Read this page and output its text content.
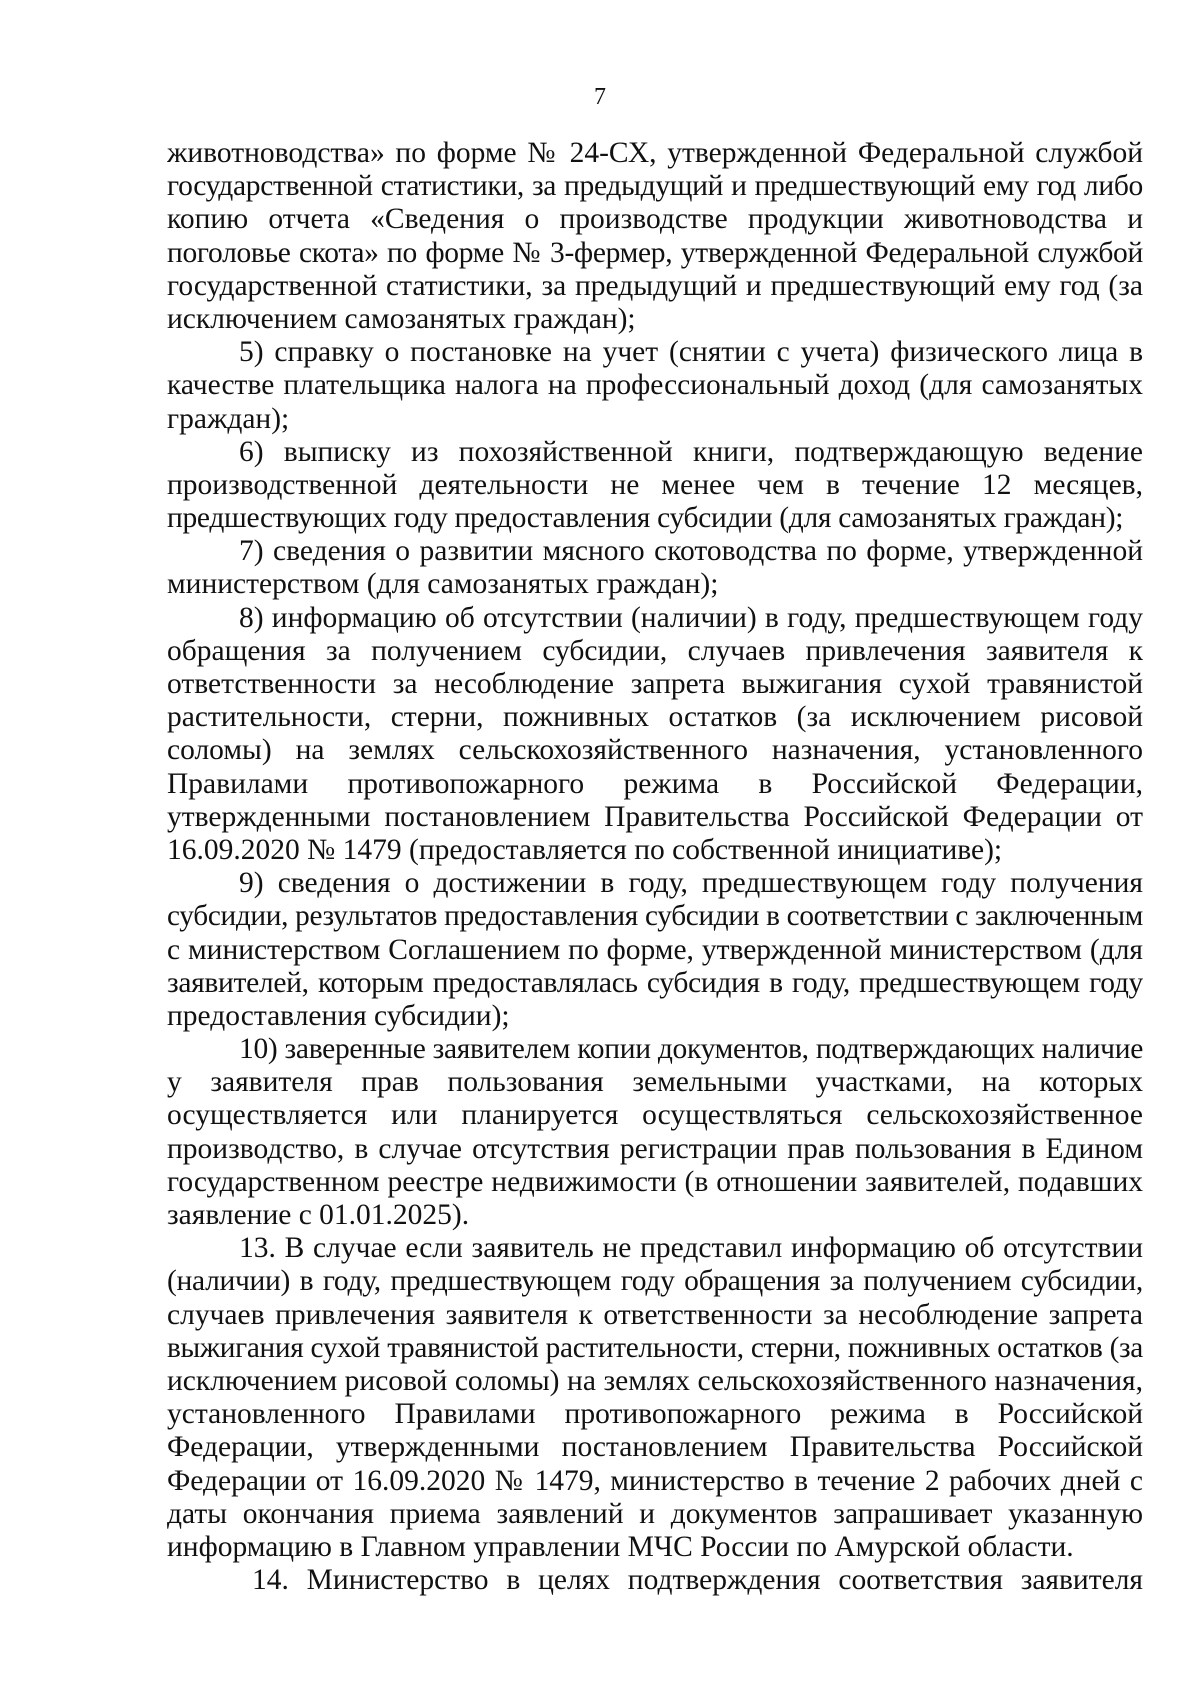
7
животноводства» по форме № 24-СХ, утвержденной Федеральной службой
государственной статистики, за предыдущий и предшествующий ему год либо
копию отчета «Сведения о производстве продукции животноводства и
поголовье скота» по форме № 3-фермер, утвержденной Федеральной службой
государственной статистики, за предыдущий и предшествующий ему год (за
исключением самозанятых граждан);
5) справку о постановке на учет (снятии с учета) физического лица в
качестве плательщика налога на профессиональный доход (для самозанятых
граждан);
6) выписку из похозяйственной книги, подтверждающую ведение
производственной деятельности не менее чем в течение 12 месяцев,
предшествующих году предоставления субсидии (для самозанятых граждан);
7) сведения о развитии мясного скотоводства по форме, утвержденной
министерством (для самозанятых граждан);
8) информацию об отсутствии (наличии) в году, предшествующем году
обращения за получением субсидии, случаев привлечения заявителя к
ответственности за несоблюдение запрета выжигания сухой травянистой
растительности, стерни, пожнивных остатков (за исключением рисовой
соломы) на землях сельскохозяйственного назначения, установленного
Правилами противопожарного режима в Российской Федерации,
утвержденными постановлением Правительства Российской Федерации от
16.09.2020 № 1479 (предоставляется по собственной инициативе);
9) сведения о достижении в году, предшествующем году получения
субсидии, результатов предоставления субсидии в соответствии с заключенным
с министерством Соглашением по форме, утвержденной министерством (для
заявителей, которым предоставлялась субсидия в году, предшествующем году
предоставления субсидии);
10) заверенные заявителем копии документов, подтверждающих наличие
у заявителя прав пользования земельными участками, на которых
осуществляется или планируется осуществляться сельскохозяйственное
производство, в случае отсутствия регистрации прав пользования в Едином
государственном реестре недвижимости (в отношении заявителей, подавших
заявление с 01.01.2025).
13. В случае если заявитель не представил информацию об отсутствии
(наличии) в году, предшествующем году обращения за получением субсидии,
случаев привлечения заявителя к ответственности за несоблюдение запрета
выжигания сухой травянистой растительности, стерни, пожнивных остатков (за
исключением рисовой соломы) на землях сельскохозяйственного назначения,
установленного Правилами противопожарного режима в Российской
Федерации, утвержденными постановлением Правительства Российской
Федерации от 16.09.2020 № 1479, министерство в течение 2 рабочих дней с
даты окончания приема заявлений и документов запрашивает указанную
информацию в Главном управлении МЧС России по Амурской области.
14. Министерство в целях подтверждения соответствия заявителя
